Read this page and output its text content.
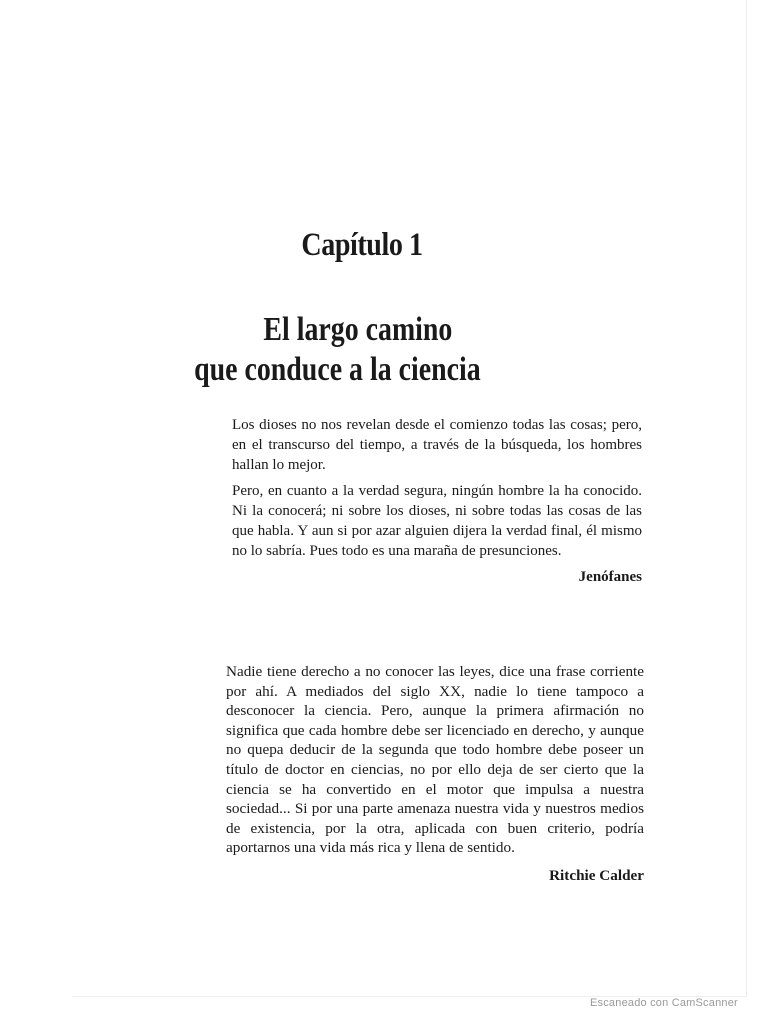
Capítulo 1
El largo camino
que conduce a la ciencia

Los dioses no nos revelan desde el comienzo todas las cosas; pero, en el transcurso del tiempo, a través de la búsqueda, los hombres hallan lo mejor.

Pero, en cuanto a la verdad segura, ningún hombre la ha conocido. Ni la conocerá; ni sobre los dioses, ni sobre todas las cosas de las que habla. Y aun si por azar alguien dijera la verdad final, él mismo no lo sabría. Pues todo es una maraña de presunciones.

Jenófanes

Nadie tiene derecho a no conocer las leyes, dice una frase corriente por ahí. A mediados del siglo XX, nadie lo tiene tampoco a desconocer la ciencia. Pero, aunque la primera afirmación no significa que cada hombre debe ser licenciado en derecho, y aunque no quepa deducir de la segunda que todo hombre debe poseer un título de doctor en ciencias, no por ello deja de ser cierto que la ciencia se ha convertido en el motor que impulsa a nuestra sociedad... Si por una parte amenaza nuestra vida y nuestros medios de existencia, por la otra, aplicada con buen criterio, podría aportarnos una vida más rica y llena de sentido.

Ritchie Calder

Escaneado con CamScanner
